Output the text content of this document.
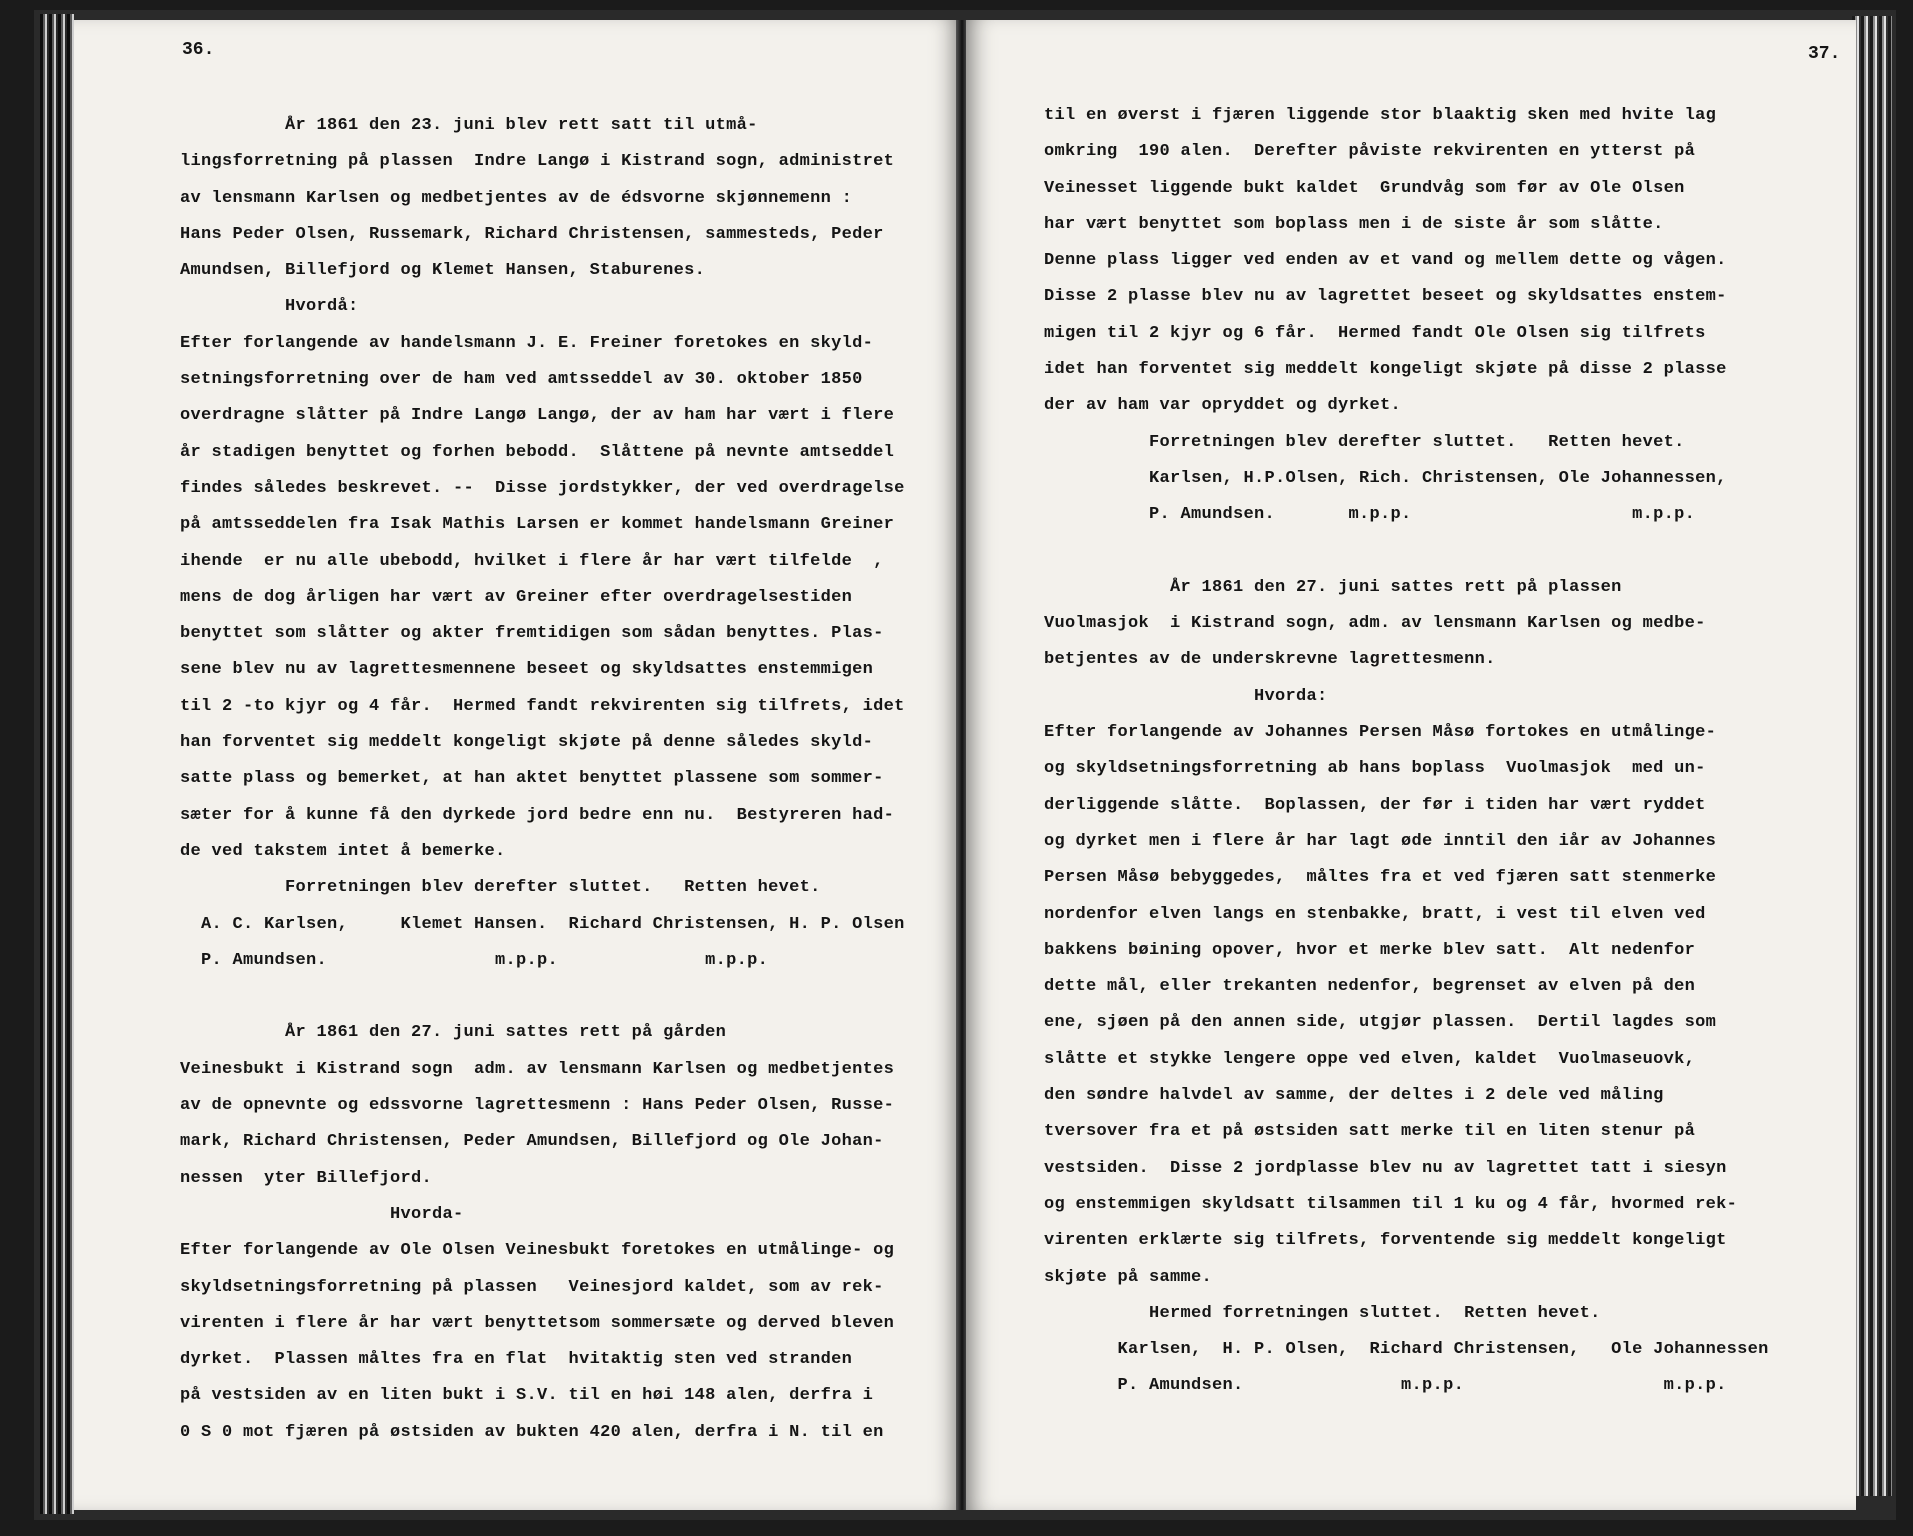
36.
År 1861 den 23. juni blev rett satt til utmå-
lingsforretning på plassen  Indre Langø i Kistrand sogn, administret
av lensmann Karlsen og medbetjentes av de édsvorne skjønnemenn :
Hans Peder Olsen, Russemark, Richard Christensen, sammesteds, Peder
Amundsen, Billefjord og Klemet Hansen, Staburenes.
Hvordå:
Efter forlangende av handelsmann J. E. Freiner foretokes en skyld-
setningsforretning over de ham ved amtsseddel av 30. oktober 1850
overdragne slåtter på Indre Langø Langø, der av ham har vært i flere
år stadigen benyttet og forhen bebodd.  Slåttene på nevnte amtseddel
findes således beskrevet. --  Disse jordstykker, der ved overdragelse
på amtsseddelen fra Isak Mathis Larsen er kommet handelsmann Greiner
ihende  er nu alle ubebodd, hvilket i flere år har vært tilfelde  ,
mens de dog årligen har vært av Greiner efter overdragelsestiden
benyttet som slåtter og akter fremtidigen som sådan benyttes. Plas-
sene blev nu av lagrettesmennene beseet og skyldsattes enstemmigen
til 2 -to kjyr og 4 får.  Hermed fandt rekvirenten sig tilfrets, idet
han forventet sig meddelt kongeligt skjøte på denne således skyld-
satte plass og bemerket, at han aktet benyttet plassene som sommer-
sæter for å kunne få den dyrkede jord bedre enn nu.  Bestyreren had-
de ved takstem intet å bemerke.
Forretningen blev derefter sluttet.   Retten hevet.
A. C. Karlsen,     Klemet Hansen.  Richard Christensen, H. P. Olsen
P. Amundsen.                m.p.p.              m.p.p.
År 1861 den 27. juni sattes rett på gården
Veinesbukt i Kistrand sogn  adm. av lensmann Karlsen og medbetjentes
av de opnevnte og edssvorne lagrettesmenn : Hans Peder Olsen, Russe-
mark, Richard Christensen, Peder Amundsen, Billefjord og Ole Johan-
nessen  yter Billefjord.
Hvorda-
Efter forlangende av Ole Olsen Veinesbukt foretokes en utmålinge- og
skyldsetningsforretning på plassen   Veinesjord kaldet, som av rek-
virenten i flere år har vært benyttetsom sommersæte og derved bleven
dyrket.  Plassen måltes fra en flat  hvitaktig sten ved stranden
på vestsiden av en liten bukt i S.V. til en høi 148 alen, derfra i
0 S 0 mot fjæren på østsiden av bukten 420 alen, derfra i N. til en
37.
til en øverst i fjæren liggende stor blaaktig sken med hvite lag
omkring  190 alen.  Derefter påviste rekvirenten en ytterst på
Veinesset liggende bukt kaldet  Grundvåg som før av Ole Olsen
har vært benyttet som boplass men i de siste år som slåtte.
Denne plass ligger ved enden av et vand og mellem dette og vågen.
Disse 2 plasse blev nu av lagrettet beseet og skyldsattes enstem-
migen til 2 kjyr og 6 får.  Hermed fandt Ole Olsen sig tilfrets
idet han forventet sig meddelt kongeligt skjøte på disse 2 plasse
der av ham var opryddet og dyrket.
Forretningen blev derefter sluttet.   Retten hevet.
Karlsen, H.P.Olsen, Rich. Christensen, Ole Johannessen,
P. Amundsen.       m.p.p.                     m.p.p.
År 1861 den 27. juni sattes rett på plassen
Vuolmasjok  i Kistrand sogn, adm. av lensmann Karlsen og medbe-
betjentes av de underskrevne lagrettesmenn.
Hvorda:
Efter forlangende av Johannes Persen Måsø fortokes en utmålinge-
og skyldsetningsforretning ab hans boplass  Vuolmasjok  med un-
derliggende slåtte.  Boplassen, der før i tiden har vært ryddet
og dyrket men i flere år har lagt øde inntil den iår av Johannes
Persen Måsø bebyggedes,  måltes fra et ved fjæren satt stenmerke
nordenfor elven langs en stenbakke, bratt, i vest til elven ved
bakkens bøining opover, hvor et merke blev satt.  Alt nedenfor
dette mål, eller trekanten nedenfor, begrenset av elven på den
ene, sjøen på den annen side, utgjør plassen.  Dertil lagdes som
slåtte et stykke lengere oppe ved elven, kaldet  Vuolmaseuovk,
den søndre halvdel av samme, der deltes i 2 dele ved måling
tversover fra et på østsiden satt merke til en liten stenur på
vestsiden.  Disse 2 jordplasse blev nu av lagrettet tatt i siesyn
og enstemmigen skyldsatt tilsammen til 1 ku og 4 får, hvormed rek-
virenten erklærte sig tilfrets, forventende sig meddelt kongeligt
skjøte på samme.
Hermed forretningen sluttet.  Retten hevet.
Karlsen,  H. P. Olsen,  Richard Christensen,   Ole Johannessen
P. Amundsen.               m.p.p.                   m.p.p.
